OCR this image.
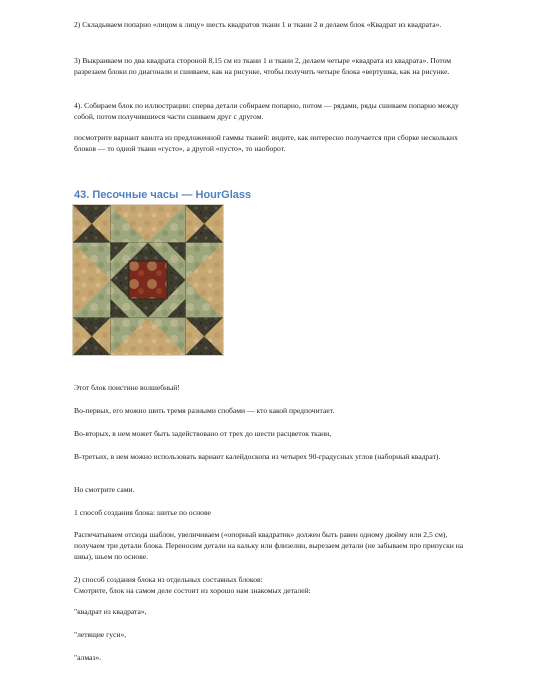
2) Складываем попарно «лицом к лицу» шесть квадратов ткани 1 и ткани 2 и делаем блок «Квадрат из квадрата».

3) Выкраиваем по два квадрата стороной 8,15 см из ткани 1 и ткани 2, делаем четыре «квадрата из квадрата». Потом разрезаем блоки по диагонали и сшиваем, как на рисунке, чтобы получить четыре блока «вертушка, как на рисунке.

4). Собираем блок по иллюстрации: сперва детали собираем попарно, потом — рядами, ряды сшиваем попарно между собой, потом получившиеся части сшиваем друг с другом.

посмотрите вариант квилта из предложенной гаммы тканей: видите, как интересно получается при сборке нескольких блоков — то одной ткани «густо», а другой «пусто», то наоборот.

43. Песочные часы — HourGlass

Этот блок поистине волшебный!

Во-первых, его можно шить тремя разными спобами — кто какой предпочитает.

Во-вторых, в нем может быть задействовано от трех до шести расцветок ткани,

В-третьих, в нем можно использовать вариант калейдоскопа из четырех 90-градусных углов (наборный квадрат).

Но смотрите сами.

1 способ создания блока: шитье по основе

Распечатываем отсюда шаблон, увеличиваем («опорный квадратик» должен быть равен одному дюйму или 2,5 см), получаем три детали блока. Переносим детали на кальку или флизелин, вырезаем детали (не забываем про припуски на швы), шьем по основе.

2) способ создания блока из отдельных составных блоков:
Смотрите, блок на самом деле состоит из хорошо нам знакомых деталей:

"квадрат из квадрата»,

"летящие гуси»,

"алмаз».
